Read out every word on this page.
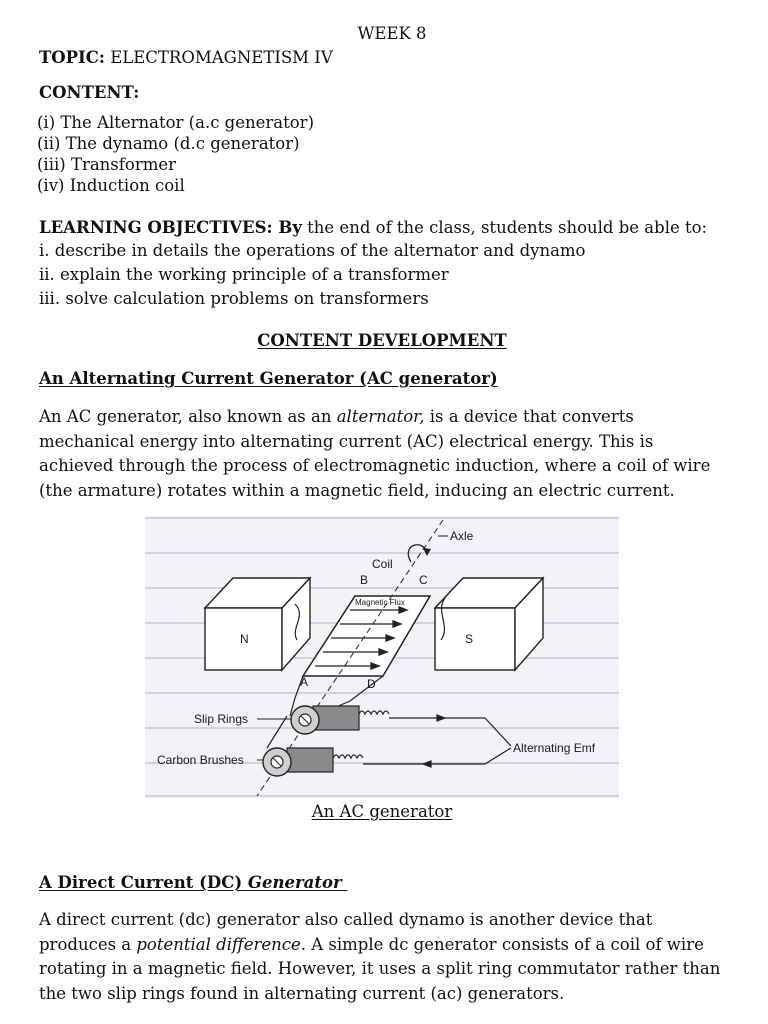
WEEK 8
TOPIC: ELECTROMAGNETISM IV
CONTENT:
(i) The Alternator (a.c generator)
(ii) The dynamo (d.c generator)
(iii) Transformer
(iv) Induction coil
LEARNING OBJECTIVES: By the end of the class, students should be able to:
i. describe in details the operations of the alternator and dynamo
ii. explain the working principle of a transformer
iii. solve calculation problems on transformers
CONTENT DEVELOPMENT
An Alternating Current Generator (AC generator)
An AC generator, also known as an alternator, is a device that converts mechanical energy into alternating current (AC) electrical energy. This is achieved through the process of electromagnetic induction, where a coil of wire (the armature) rotates within a magnetic field, inducing an electric current.
Axle
Coil
B	C
Magnetic Flux
N	S
A	D
Slip Rings
Carbon Brushes
Alternating Emf
An AC generator
A Direct Current (DC) Generator
A direct current (dc) generator also called dynamo is another device that produces a potential difference. A simple dc generator consists of a coil of wire rotating in a magnetic field. However, it uses a split ring commutator rather than the two slip rings found in alternating current (ac) generators.
